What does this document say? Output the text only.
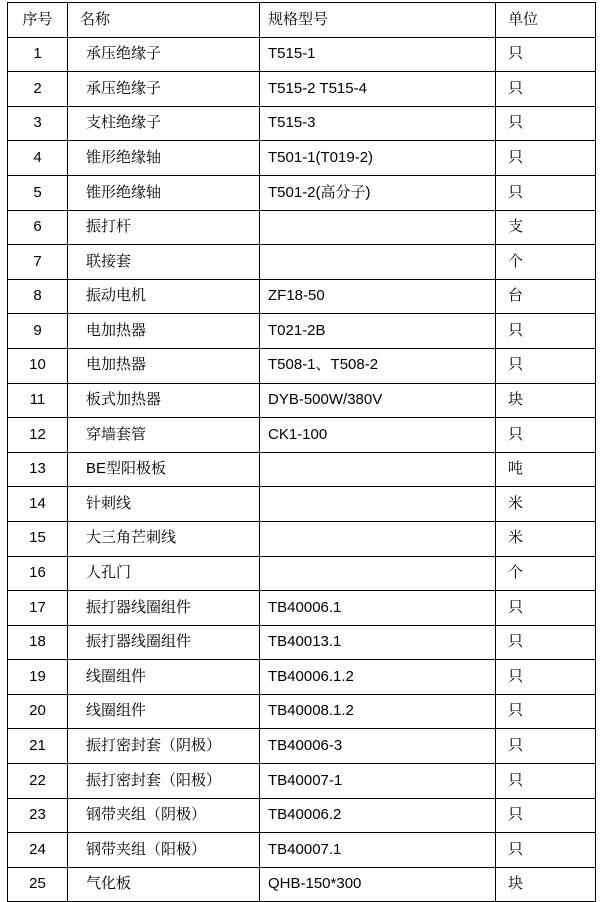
序号	名称	规格型号	单位
1	承压绝缘子	T515-1	只
2	承压绝缘子	T515-2 T515-4	只
3	支柱绝缘子	T515-3	只
4	锥形绝缘轴	T501-1(T019-2)	只
5	锥形绝缘轴	T501-2(高分子)	只
6	振打杆		支
7	联接套		个
8	振动电机	ZF18-50	台
9	电加热器	T021-2B	只
10	电加热器	T508-1、T508-2	只
11	板式加热器	DYB-500W/380V	块
12	穿墙套管	CK1-100	只
13	BE型阳极板		吨
14	针刺线		米
15	大三角芒刺线		米
16	人孔门		个
17	振打器线圈组件	TB40006.1	只
18	振打器线圈组件	TB40013.1	只
19	线圈组件	TB40006.1.2	只
20	线圈组件	TB40008.1.2	只
21	振打密封套（阴极）	TB40006-3	只
22	振打密封套（阳极）	TB40007-1	只
23	钢带夹组（阴极）	TB40006.2	只
24	钢带夹组（阳极）	TB40007.1	只
25	气化板	QHB-150*300	块
